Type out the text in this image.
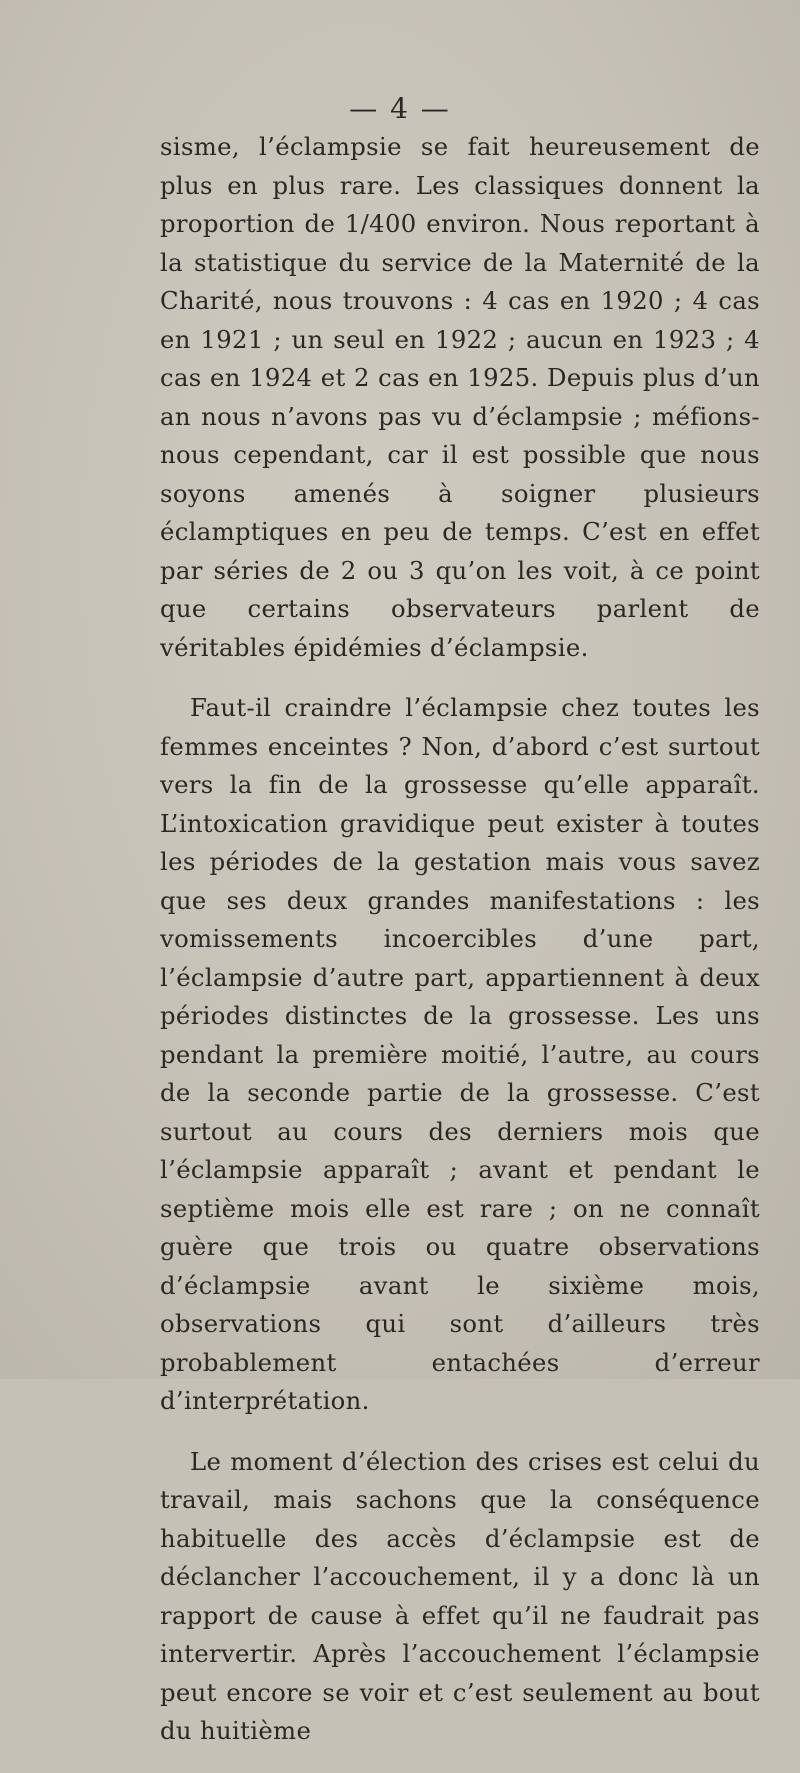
— 4 —

sisme, l’éclampsie se fait heureusement de plus en plus rare. Les classiques donnent la proportion de 1/400 environ. Nous reportant à la statistique du service de la Maternité de la Charité, nous trouvons : 4 cas en 1920 ; 4 cas en 1921 ; un seul en 1922 ; aucun en 1923 ; 4 cas en 1924 et 2 cas en 1925. Depuis plus d’un an nous n’avons pas vu d’éclampsie ; méfions-nous cependant, car il est possible que nous soyons amenés à soigner plusieurs éclamptiques en peu de temps. C’est en effet par séries de 2 ou 3 qu’on les voit, à ce point que certains observateurs parlent de véritables épidémies d’éclampsie.

Faut-il craindre l’éclampsie chez toutes les femmes enceintes ? Non, d’abord c’est surtout vers la fin de la grossesse qu’elle apparaît. L’intoxication gravidique peut exister à toutes les périodes de la gestation mais vous savez que ses deux grandes manifestations : les vomissements incoercibles d’une part, l’éclampsie d’autre part, appartiennent à deux périodes distinctes de la grossesse. Les uns pendant la première moitié, l’autre, au cours de la seconde partie de la grossesse. C’est surtout au cours des derniers mois que l’éclampsie apparaît ; avant et pendant le septième mois elle est rare ; on ne connaît guère que trois ou quatre observations d’éclampsie avant le sixième mois, observations qui sont d’ailleurs très probablement entachées d’erreur d’interprétation.

Le moment d’élection des crises est celui du travail, mais sachons que la conséquence habituelle des accès d’éclampsie est de déclancher l’accouchement, il y a donc là un rapport de cause à effet qu’il ne faudrait pas intervertir. Après l’accouchement l’éclampsie peut encore se voir et c’est seulement au bout du huitième
